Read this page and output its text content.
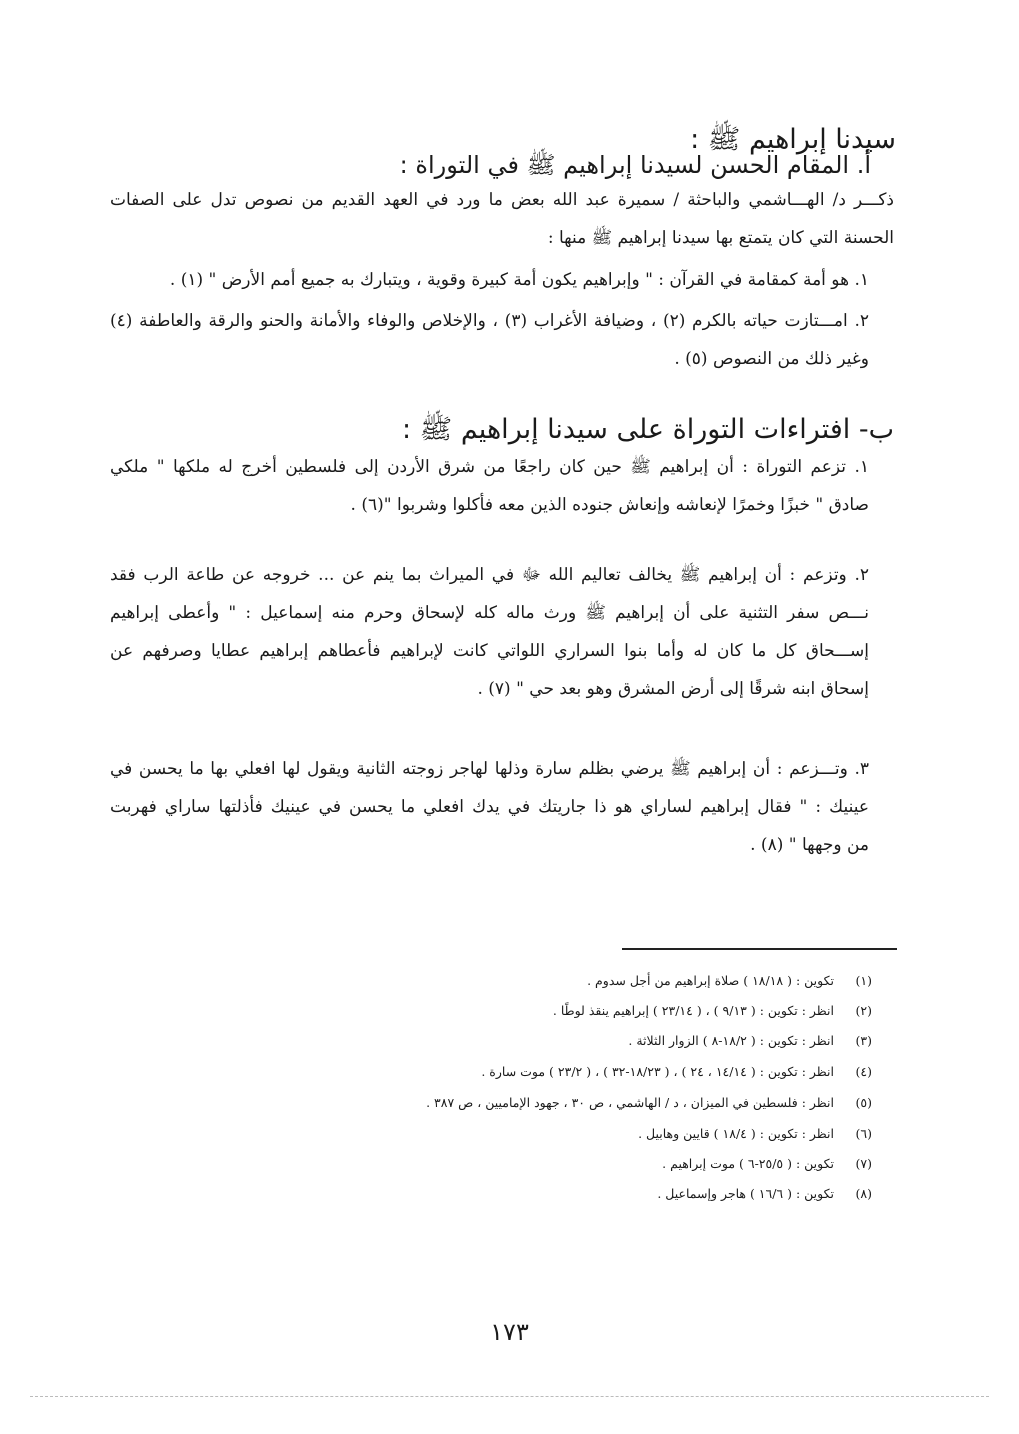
سيدنا إبراهيم ﷺ :
أ. المقام الحسن لسيدنا إبراهيم ﷺ في التوراة :
ذكـــر د/ الهـــاشمي والباحثة / سميرة عبد الله بعض ما ورد في العهد القديم من نصوص تدل على الصفات
الحسنة التي كان يتمتع بها سيدنا إبراهيم ﷺ منها :
١. هو أمة كمقامة في القرآن : " وإبراهيم يكون أمة كبيرة وقوية ، ويتبارك به جميع أمم الأرض " (١) .
٢. امـــتازت حياته بالكرم (٢) ، وضيافة الأغراب (٣) ، والإخلاص والوفاء والأمانة والحنو والرقة والعاطفة (٤)
وغير ذلك من النصوص (٥) .
ب- افتراءات التوراة على سيدنا إبراهيم ﷺ :
١. تزعم التوراة : أن إبراهيم ﷺ حين كان راجعًا من شرق الأردن إلى فلسطين أخرج له ملكها " ملكي
صادق " خبزًا وخمرًا لإنعاشه وإنعاش جنوده الذين معه فأكلوا وشربوا "(٦) .
٢. وتزعم : أن إبراهيم ﷺ يخالف تعاليم الله ﷻ في الميراث بما ينم عن ... خروجه عن طاعة الرب فقد
نـــص سفر التثنية على أن إبراهيم ﷺ ورث ماله كله لإسحاق وحرم منه إسماعيل : " وأعطى إبراهيم
إســـحاق كل ما كان له وأما بنوا السراري اللواتي كانت لإبراهيم فأعطاهم إبراهيم عطايا وصرفهم عن
إسحاق ابنه شرقًا إلى أرض المشرق وهو بعد حي " (٧) .
٣. وتـــزعم : أن إبراهيم ﷺ يرضي بظلم سارة وذلها لهاجر زوجته الثانية ويقول لها افعلي بها ما يحسن في
عينيك : " فقال إبراهيم لساراي هو ذا جاريتك في يدك افعلي ما يحسن في عينيك فأذلتها ساراي فهربت
من وجهها " (٨) .
(١)تكوين : ( ١٨/١٨ ) صلاة إبراهيم من أجل سدوم .
(٢)انظر : تكوين : ( ٩/١٣ ) ، ( ٢٣/١٤ ) إبراهيم ينقذ لوطًا .
(٣)انظر : تكوين : ( ١٨/٢-٨ ) الزوار الثلاثة .
(٤)انظر : تكوين : ( ١٤/١٤ ، ٢٤ ) ، ( ١٨/٢٣-٣٢ ) ، ( ٢٣/٢ ) موت سارة .
(٥)انظر : فلسطين في الميزان ، د / الهاشمي ، ص ٣٠ ، جهود الإماميين ، ص ٣٨٧ .
(٦)انظر : تكوين : ( ١٨/٤ ) قايين وهابيل .
(٧)تكوين : ( ٢٥/٥-٦ ) موت إبراهيم .
(٨)تكوين : ( ١٦/٦ ) هاجر وإسماعيل .
١٧٣
